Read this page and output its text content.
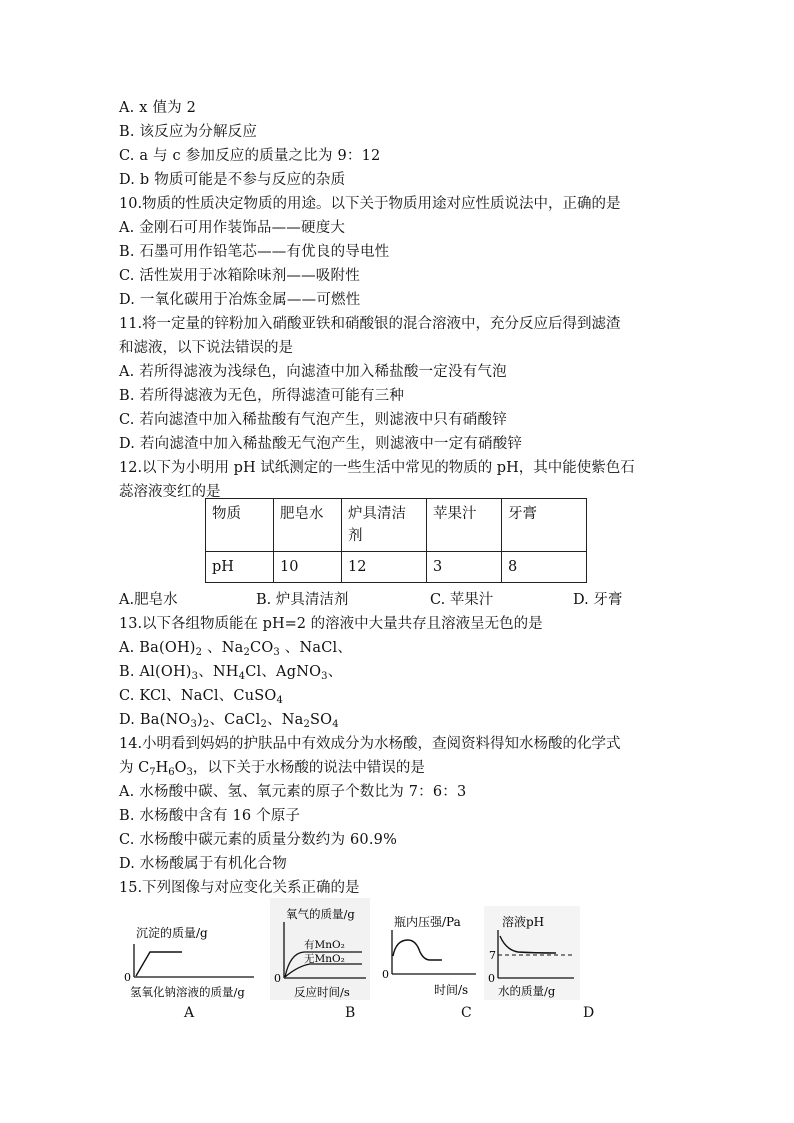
A. x 值为 2
B. 该反应为分解反应
C. a 与 c 参加反应的质量之比为 9：12
D. b 物质可能是不参与反应的杂质
10.物质的性质决定物质的用途。以下关于物质用途对应性质说法中，正确的是
A. 金刚石可用作装饰品——硬度大
B. 石墨可用作铅笔芯——有优良的导电性
C. 活性炭用于冰箱除味剂——吸附性
D. 一氧化碳用于冶炼金属——可燃性
11.将一定量的锌粉加入硝酸亚铁和硝酸银的混合溶液中，充分反应后得到滤渣
和滤液，以下说法错误的是
A. 若所得滤液为浅绿色，向滤渣中加入稀盐酸一定没有气泡
B. 若所得滤液为无色，所得滤渣可能有三种
C. 若向滤渣中加入稀盐酸有气泡产生，则滤液中只有硝酸锌
D. 若向滤渣中加入稀盐酸无气泡产生，则滤液中一定有硝酸锌
12.以下为小明用 pH 试纸测定的一些生活中常见的物质的 pH，其中能使紫色石
蕊溶液变红的是
物质	肥皂水	炉具清洁剂	苹果汁	牙膏
pH	10	12	3	8
A.肥皂水	B. 炉具清洁剂	C. 苹果汁	D. 牙膏
13.以下各组物质能在 pH=2 的溶液中大量共存且溶液呈无色的是
A. $Ba(OH)_2$ 、$Na_2CO_3$ 、NaCl、
B. $Al(OH)_3$、$NH_4Cl$、AgNO$_3$、
C. KCl、NaCl、CuSO$_4$
D. $Ba(NO_3)_2$、CaCl$_2$、$Na_2SO_4$
14.小明看到妈妈的护肤品中有效成分为水杨酸，查阅资料得知水杨酸的化学式
为 $C_7H_6O_3$，以下关于水杨酸的说法中错误的是
A. 水杨酸中碳、氢、氧元素的原子个数比为 7：6：3
B. 水杨酸中含有 16 个原子
C. 水杨酸中碳元素的质量分数约为 60.9%
D. 水杨酸属于有机化合物
15.下列图像与对应变化关系正确的是
沉淀的质量/g
0
氢氧化钠溶液的质量/g
氧气的质量/g
0
有MnO₂
无MnO₂
反应时间/s
瓶内压强/Pa
0
时间/s
溶液pH
0
7
水的质量/g
A	B	C	D
